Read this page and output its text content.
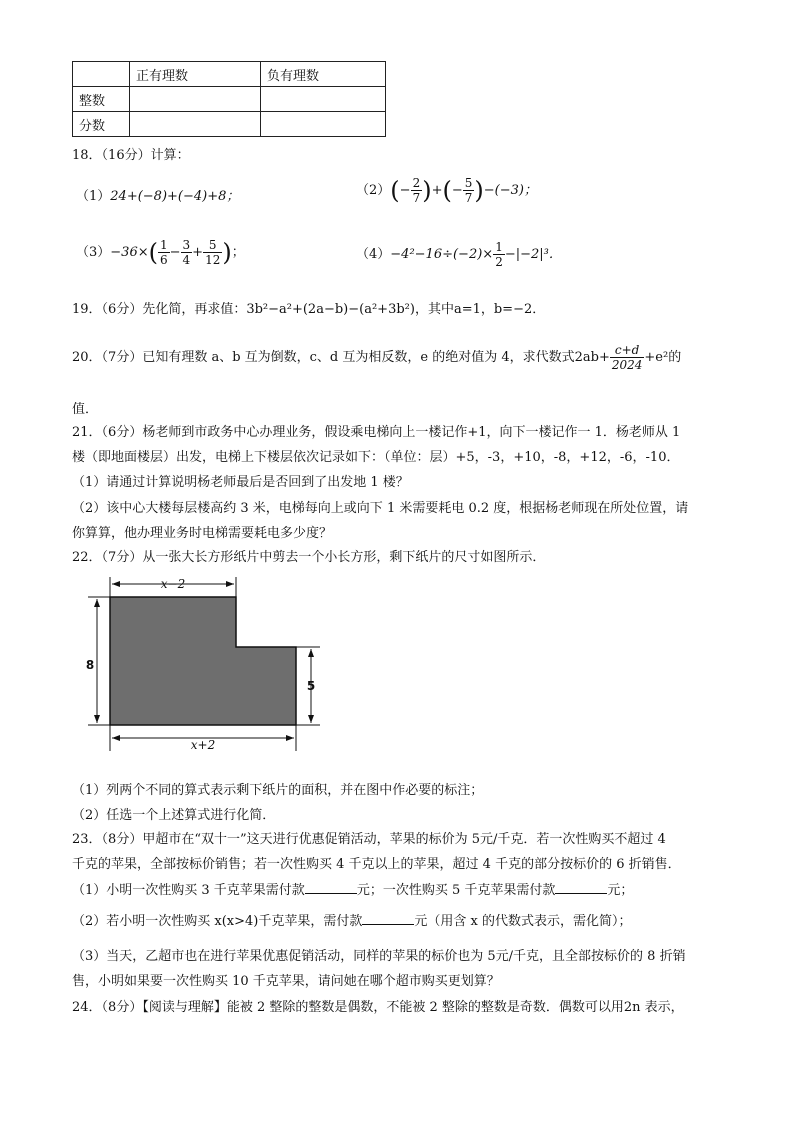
	正有理数	负有理数
整数		
分数		
18．（16分）计算：
（1）24+(−8)+(−4)+8；	$(2)(- \frac{2}{7}$ )+(− $\frac{5}{7} )-(-3)$；
$(3)-36\times( \frac{1}{6} - \frac{3}{4} + \frac{5}{12}$ )；	$(4)-4^2-16\div(-2)\times \frac{1}{2} -|-2|^3$．
19．（6分）先化简，再求值：3b²−a²+(2a−b)−(a²+3b²)，其中a=1，b=−2．
20．（7分）已知有理数 a、b 互为倒数，c、d 互为相反数，e 的绝对值为 4，求代数式$2ab+ \frac{c+d}{2024} +e^2$的
值．
21．（6分）杨老师到市政务中心办理业务，假设乘电梯向上一楼记作+1，向下一楼记作一 1．杨老师从 1
楼（即地面楼层）出发，电梯上下楼层依次记录如下：（单位：层）+5，-3，+10，-8，+12，-6，-10．
（1）请通过计算说明杨老师最后是否回到了出发地 1 楼？
（2）该中心大楼每层楼高约 3 米，电梯每向上或向下 1 米需要耗电 0.2 度，根据杨老师现在所处位置，请
你算算，他办理业务时电梯需要耗电多少度？
22．（7分）从一张大长方形纸片中剪去一个小长方形，剩下纸片的尺寸如图所示．
x−2
8
5
x+2
（1）列两个不同的算式表示剩下纸片的面积，并在图中作必要的标注；
（2）任选一个上述算式进行化简．
23．（8分）甲超市在“双十一”这天进行优惠促销活动，苹果的标价为 5元/千克．若一次性购买不超过 4
千克的苹果，全部按标价销售；若一次性购买 4 千克以上的苹果，超过 4 千克的部分按标价的 6 折销售．
（1）小明一次性购买 3 千克苹果需付款	元；一次性购买 5 千克苹果需付款	元；
（2）若小明一次性购买 x(x>4)千克苹果，需付款	元（用含 x 的代数式表示，需化简）；
（3）当天，乙超市也在进行苹果优惠促销活动，同样的苹果的标价也为 5元/千克，且全部按标价的 8 折销
售，小明如果要一次性购买 10 千克苹果，请问她在哪个超市购买更划算？
24．（8分）【阅读与理解】能被 2 整除的整数是偶数，不能被 2 整除的整数是奇数．偶数可以用2n 表示，
